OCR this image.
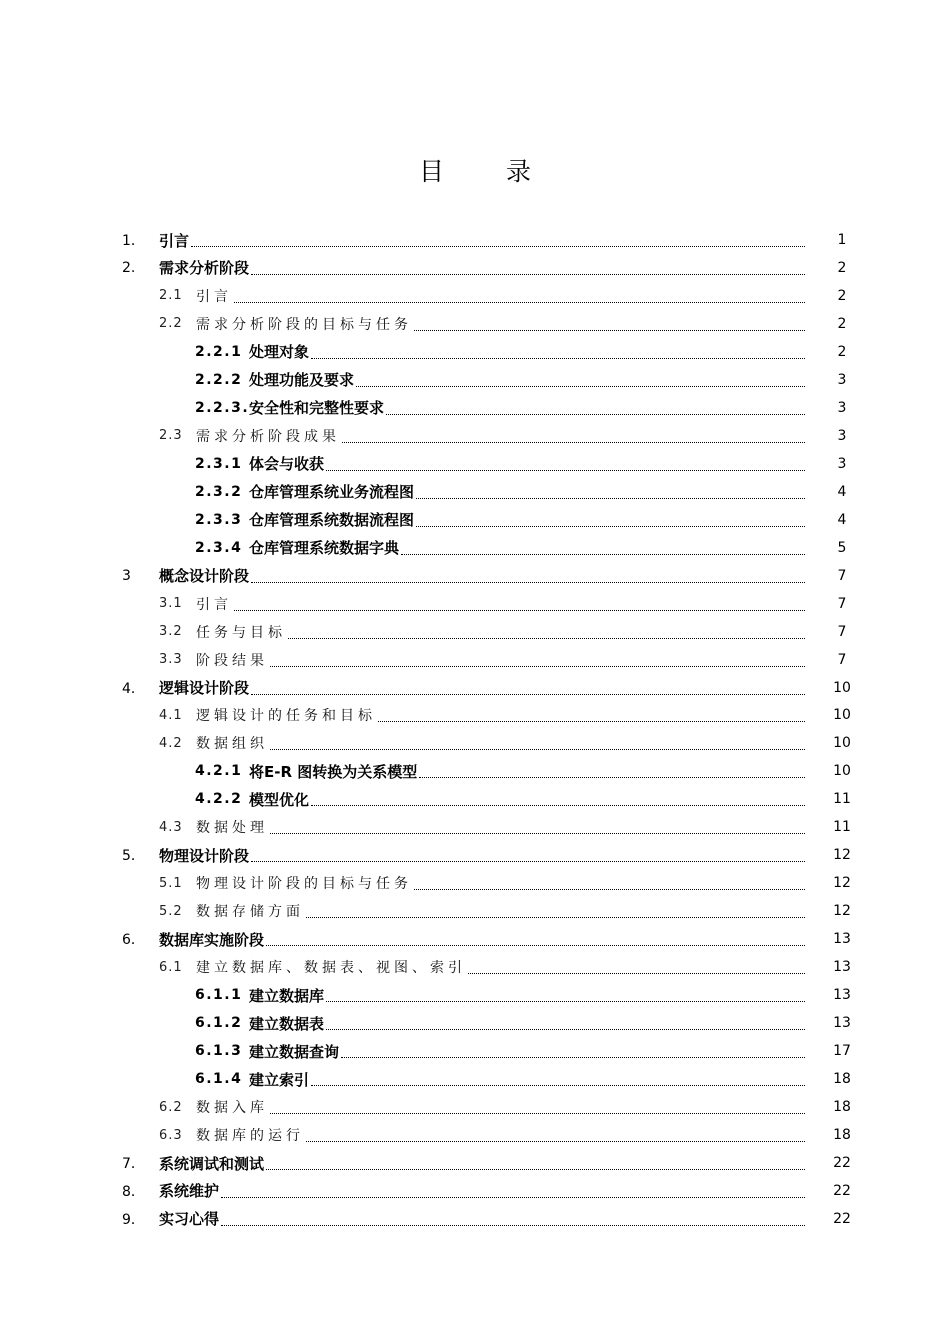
目录
1． 引言	1
2. 需求分析阶段	2
2.1 引言	2
2.2 需求分析阶段的目标与任务	2
2.2.1 处理对象	2
2.2.2 处理功能及要求	3
2.2.3. 安全性和完整性要求	3
2.3 需求分析阶段成果	3
2.3.1 体会与收获	3
2.3.2 仓库管理系统业务流程图	4
2.3.3 仓库管理系统数据流程图	4
2.3.4 仓库管理系统数据字典	5
3 概念设计阶段	7
3.1 引言	7
3.2 任务与目标	7
3.3 阶段结果	7
4． 逻辑设计阶段	10
4.1 逻辑设计的任务和目标	10
4.2 数据组织	10
4.2.1 将E-R 图转换为关系模型	10
4.2.2 模型优化	11
4.3 数据处理	11
5． 物理设计阶段	12
5.1 物理设计阶段的目标与任务	12
5.2 数据存储方面	12
6． 数据库实施阶段	13
6.1 建立数据库、数据表、视图、索引	13
6.1.1 建立数据库	13
6.1.2 建立数据表	13
6.1.3 建立数据查询	17
6.1.4 建立索引	18
6.2 数据入库	18
6.3 数据库的运行	18
7． 系统调试和测试	22
8． 系统维护	22
9． 实习心得	22
